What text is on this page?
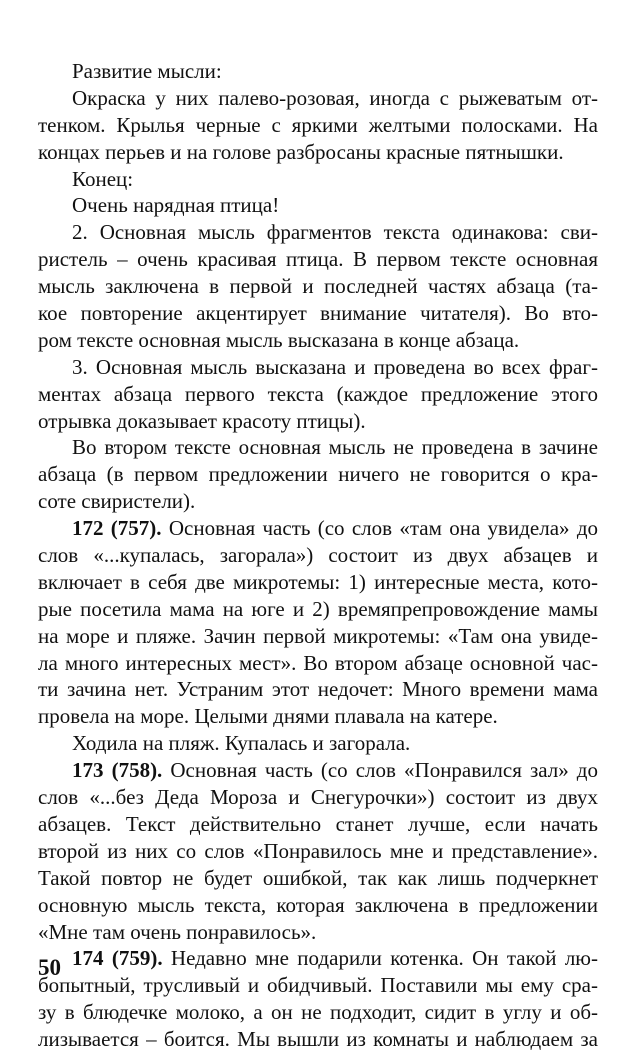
Развитие мысли:
Окраска у них палево-розовая, иногда с рыжеватым от-
тенком. Крылья черные с яркими желтыми полосками. На
концах перьев и на голове разбросаны красные пятнышки.
Конец:
Очень нарядная птица!
2. Основная мысль фрагментов текста одинакова: сви-
ристель – очень красивая птица. В первом тексте основная
мысль заключена в первой и последней частях абзаца (та-
кое повторение акцентирует внимание читателя). Во вто-
ром тексте основная мысль высказана в конце абзаца.
3. Основная мысль высказана и проведена во всех фраг-
ментах абзаца первого текста (каждое предложение этого
отрывка доказывает красоту птицы).
Во втором тексте основная мысль не проведена в зачине
абзаца (в первом предложении ничего не говорится о кра-
соте свиристели).
172 (757). Основная часть (со слов «там она увидела» до
слов «...купалась, загорала») состоит из двух абзацев и
включает в себя две микротемы: 1) интересные места, кото-
рые посетила мама на юге и 2) времяпрепровождение мамы
на море и пляже. Зачин первой микротемы: «Там она увиде-
ла много интересных мест». Во втором абзаце основной час-
ти зачина нет. Устраним этот недочет: Много времени мама
провела на море. Целыми днями плавала на катере.
Ходила на пляж. Купалась и загорала.
173 (758). Основная часть (со слов «Понравился зал» до
слов «...без Деда Мороза и Снегурочки») состоит из двух
абзацев. Текст действительно станет лучше, если начать
второй из них со слов «Понравилось мне и представление».
Такой повтор не будет ошибкой, так как лишь подчеркнет
основную мысль текста, которая заключена в предложении
«Мне там очень понравилось».
174 (759). Недавно мне подарили котенка. Он такой лю-
бопытный, трусливый и обидчивый. Поставили мы ему сра-
зу в блюдечке молоко, а он не подходит, сидит в углу и об-
лизывается – боится. Мы вышли из комнаты и наблюдаем за
50
